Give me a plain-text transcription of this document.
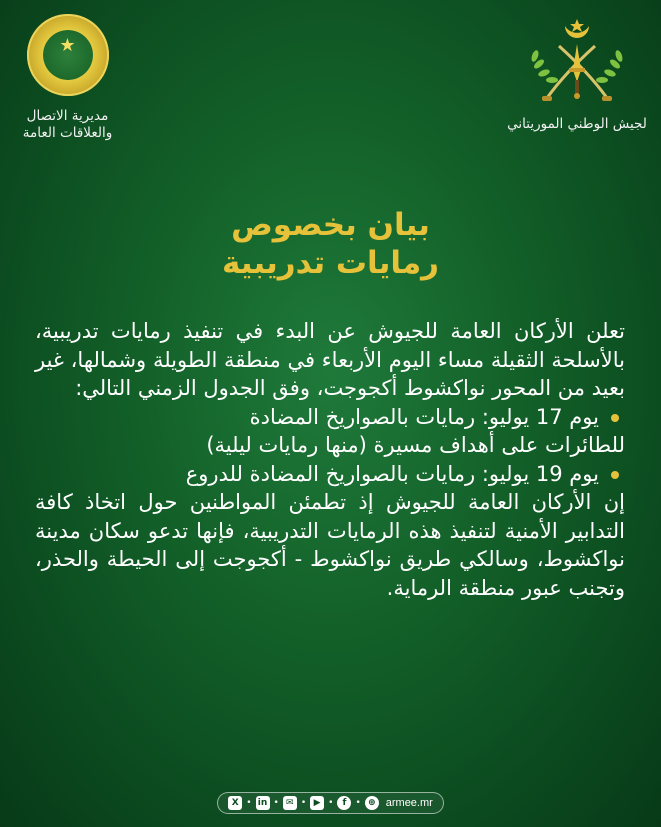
★
مديرية الاتصال
والعلاقات العامة
لجيش الوطني الموريتاني
بيان بخصوص
رمايات تدريبية

تعلن الأركان العامة للجيوش عن البدء في تنفيذ رمايات تدريبية، بالأسلحة الثقيلة مساء اليوم الأربعاء في منطقة الطويلة وشمالها، غير بعيد من المحور نواكشوط أكجوجت، وفق الجدول الزمني التالي:

يوم 17 يوليو: رمايات بالصواريخ المضادة
للطائرات على أهداف مسيرة (منها رمايات ليلية)
يوم 19 يوليو: رمايات بالصواريخ المضادة للدروع

إن الأركان العامة للجيوش إذ تطمئن المواطنين حول اتخاذ كافة التدابير الأمنية لتنفيذ هذه الرمايات التدريبية، فإنها تدعو سكان مدينة نواكشوط، وسالكي طريق نواكشوط - أكجوجت إلى الحيطة والحذر، وتجنب عبور منطقة الرماية.

X • in • ✉ • ▶ •	f	• ⊕ armee.mr
